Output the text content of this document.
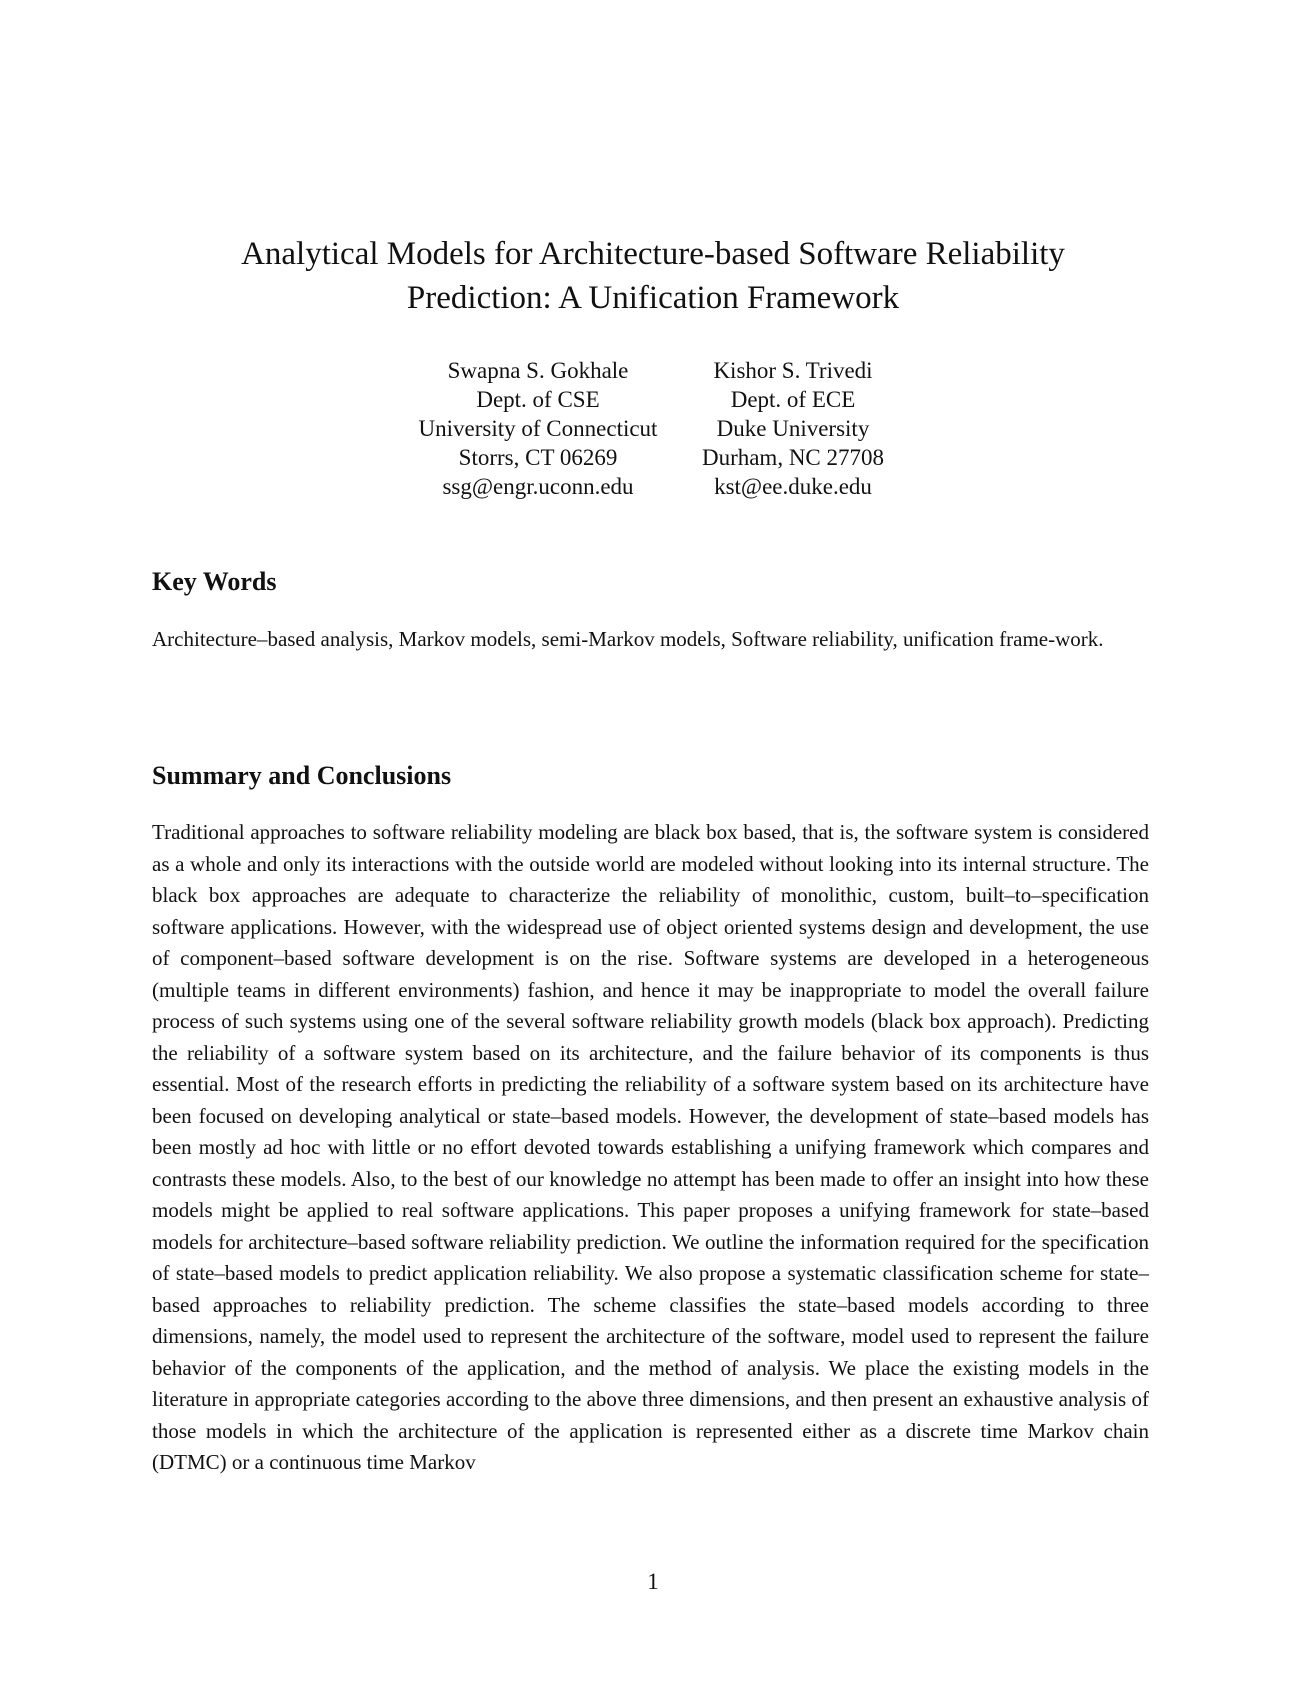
Analytical Models for Architecture-based Software Reliability
Prediction: A Unification Framework
Swapna S. Gokhale
Dept. of CSE
University of Connecticut
Storrs, CT 06269
ssg@engr.uconn.edu
Kishor S. Trivedi
Dept. of ECE
Duke University
Durham, NC 27708
kst@ee.duke.edu
Key Words

Architecture–based analysis, Markov models, semi-Markov models, Software reliability, unification frame-work.

Summary and Conclusions

Traditional approaches to software reliability modeling are black box based, that is, the software system is considered as a whole and only its interactions with the outside world are modeled without looking into its internal structure. The black box approaches are adequate to characterize the reliability of monolithic, custom, built–to–specification software applications. However, with the widespread use of object oriented systems design and development, the use of component–based software development is on the rise. Software systems are developed in a heterogeneous (multiple teams in different environments) fashion, and hence it may be inappropriate to model the overall failure process of such systems using one of the several software reliability growth models (black box approach). Predicting the reliability of a software system based on its architecture, and the failure behavior of its components is thus essential. Most of the research efforts in predicting the reliability of a software system based on its architecture have been focused on developing analytical or state–based models. However, the development of state–based models has been mostly ad hoc with little or no effort devoted towards establishing a unifying framework which compares and contrasts these models. Also, to the best of our knowledge no attempt has been made to offer an insight into how these models might be applied to real software applications. This paper proposes a unifying framework for state–based models for architecture–based software reliability prediction. We outline the information required for the specification of state–based models to predict application reliability. We also propose a systematic classification scheme for state–based approaches to reliability prediction. The scheme classifies the state–based models according to three dimensions, namely, the model used to represent the architecture of the software, model used to represent the failure behavior of the components of the application, and the method of analysis. We place the existing models in the literature in appropriate categories according to the above three dimensions, and then present an exhaustive analysis of those models in which the architecture of the application is represented either as a discrete time Markov chain (DTMC) or a continuous time Markov

1
